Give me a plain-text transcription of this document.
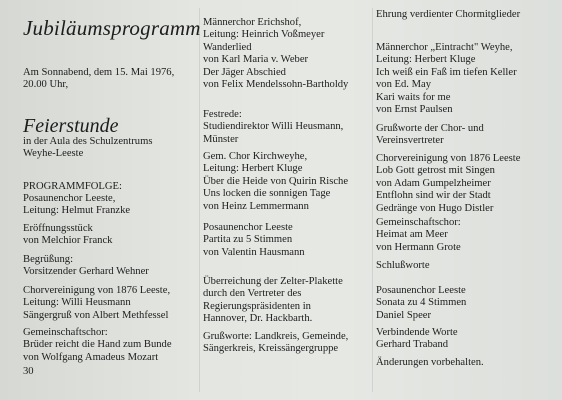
Jubiläumsprogramm
Am Sonnabend, dem 15. Mai 1976,
20.00 Uhr,
Feierstunde
in der Aula des Schulzentrums
Weyhe-Leeste
PROGRAMMFOLGE:
Posaunenchor Leeste,
Leitung: Helmut Franzke
Eröffnungsstück
von Melchior Franck
Begrüßung:
Vorsitzender Gerhard Wehner
Chorvereinigung von 1876 Leeste,
Leitung: Willi Heusmann
Sängergruß von Albert Methfessel
Gemeinschaftschor:
Brüder reicht die Hand zum Bunde
von Wolfgang Amadeus Mozart
30
Männerchor Erichshof,
Leitung: Heinrich Voßmeyer
Wanderlied
von Karl Maria v. Weber
Der Jäger Abschied
von Felix Mendelssohn-Bartholdy
Festrede:
Studiendirektor Willi Heusmann,
Münster
Gem. Chor Kirchweyhe,
Leitung: Herbert Kluge
Über die Heide von Quirin Rische
Uns locken die sonnigen Tage
von Heinz Lemmermann
Posaunenchor Leeste
Partita zu 5 Stimmen
von Valentin Hausmann
Überreichung der Zelter-Plakette
durch den Vertreter des
Regierungspräsidenten in
Hannover, Dr. Hackbarth.
Grußworte: Landkreis, Gemeinde,
Sängerkreis, Kreissängergruppe
Ehrung verdienter Chormitglieder
Männerchor „Eintracht" Weyhe,
Leitung: Herbert Kluge
Ich weiß ein Faß im tiefen Keller
von Ed. May
Kari waits for me
von Ernst Paulsen
Grußworte der Chor- und
Vereinsvertreter
Chorvereinigung von 1876 Leeste
Lob Gott getrost mit Singen
von Adam Gumpelzheimer
Entflohn sind wir der Stadt
Gedränge von Hugo Distler
Gemeinschaftschor:
Heimat am Meer
von Hermann Grote
Schlußworte
Posaunenchor Leeste
Sonata zu 4 Stimmen
Daniel Speer
Verbindende Worte
Gerhard Traband
Änderungen vorbehalten.
